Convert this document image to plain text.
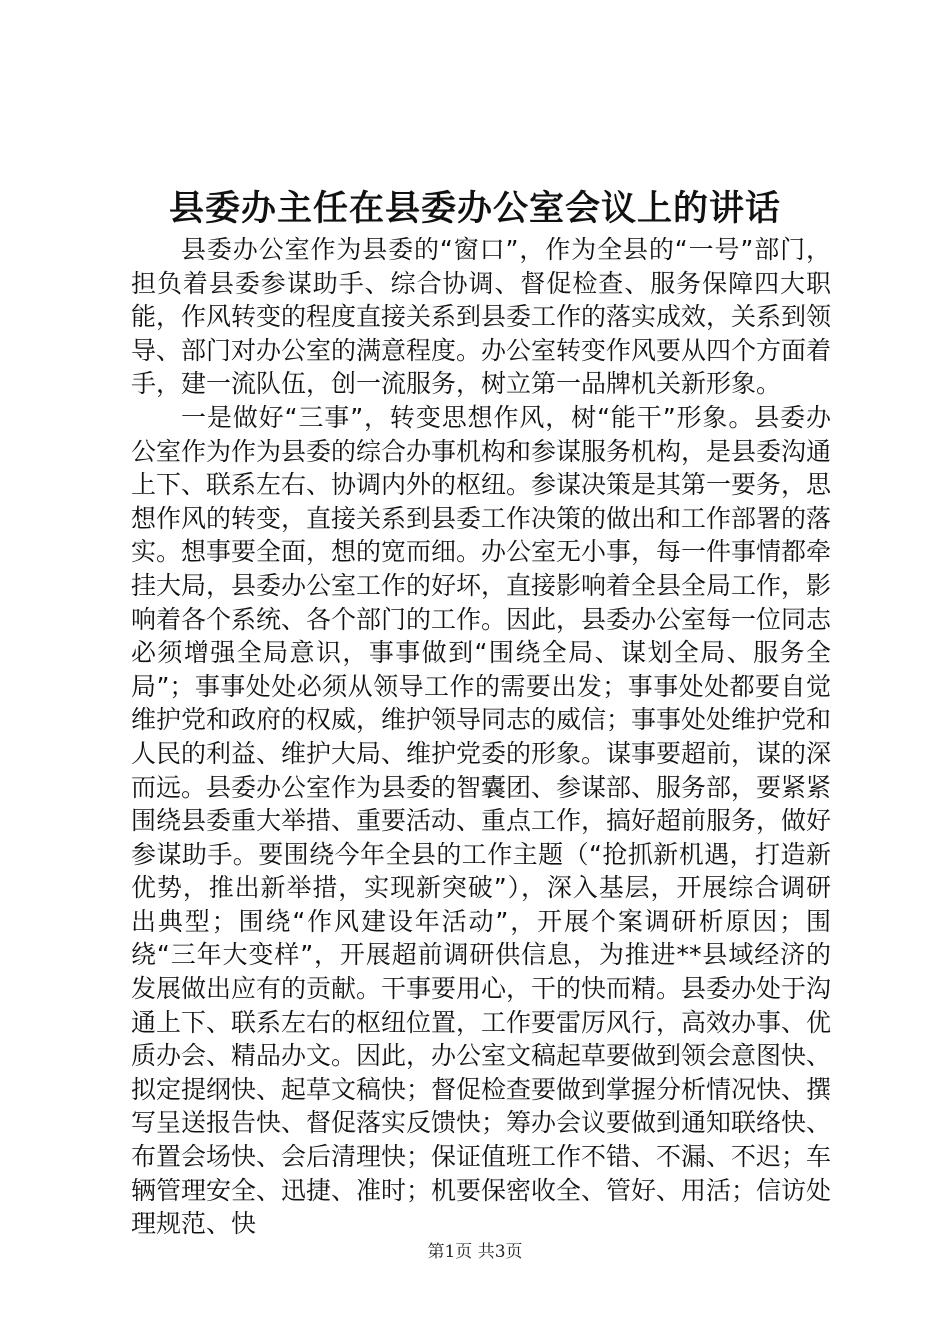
县委办主任在县委办公室会议上的讲话

县委办公室作为县委的“窗口”，作为全县的“一号”部门，担负着县委参谋助手、综合协调、督促检查、服务保障四大职能，作风转变的程度直接关系到县委工作的落实成效，关系到领导、部门对办公室的满意程度。办公室转变作风要从四个方面着手，建一流队伍，创一流服务，树立第一品牌机关新形象。

一是做好“三事”，转变思想作风，树“能干”形象。县委办公室作为作为县委的综合办事机构和参谋服务机构，是县委沟通上下、联系左右、协调内外的枢纽。参谋决策是其第一要务，思想作风的转变，直接关系到县委工作决策的做出和工作部署的落实。想事要全面，想的宽而细。办公室无小事，每一件事情都牵挂大局，县委办公室工作的好坏，直接影响着全县全局工作，影响着各个系统、各个部门的工作。因此，县委办公室每一位同志必须增强全局意识，事事做到“围绕全局、谋划全局、服务全局”；事事处处必须从领导工作的需要出发；事事处处都要自觉维护党和政府的权威，维护领导同志的威信；事事处处维护党和人民的利益、维护大局、维护党委的形象。谋事要超前，谋的深而远。县委办公室作为县委的智囊团、参谋部、服务部，要紧紧围绕县委重大举措、重要活动、重点工作，搞好超前服务，做好参谋助手。要围绕今年全县的工作主题（“抢抓新机遇，打造新优势，推出新举措，实现新突破”），深入基层，开展综合调研出典型；围绕“作风建设年活动”，开展个案调研析原因；围绕“三年大变样”，开展超前调研供信息，为推进**县域经济的发展做出应有的贡献。干事要用心，干的快而精。县委办处于沟通上下、联系左右的枢纽位置，工作要雷厉风行，高效办事、优质办会、精品办文。因此，办公室文稿起草要做到领会意图快、拟定提纲快、起草文稿快；督促检查要做到掌握分析情况快、撰写呈送报告快、督促落实反馈快；筹办会议要做到通知联络快、布置会场快、会后清理快；保证值班工作不错、不漏、不迟；车辆管理安全、迅捷、准时；机要保密收全、管好、用活；信访处理规范、快

第1页 共3页
